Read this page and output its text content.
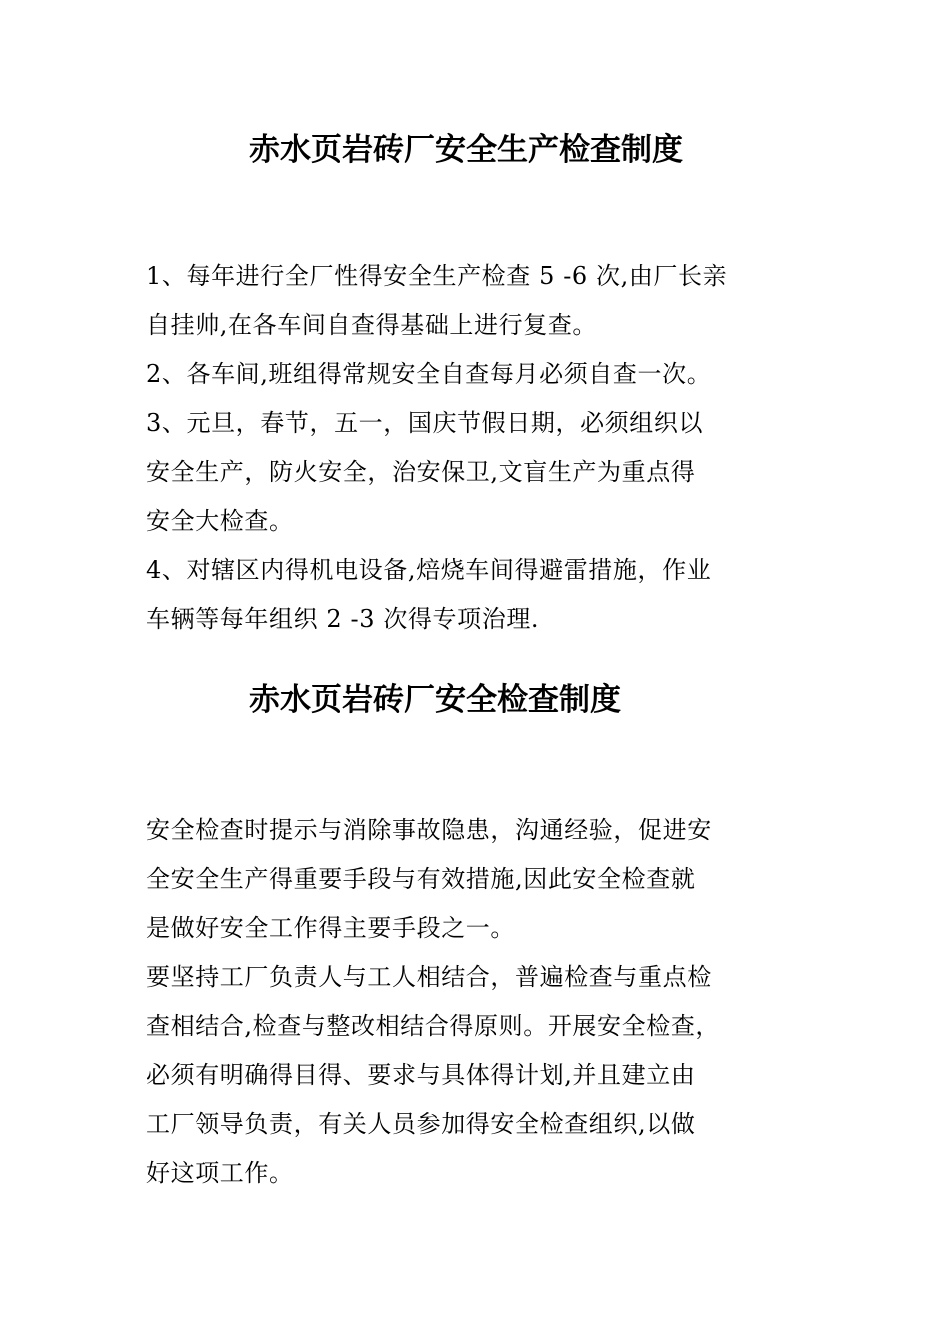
赤水页岩砖厂安全生产检查制度

1、每年进行全厂性得安全生产检查 5 -6 次,由厂长亲

自挂帅,在各车间自查得基础上进行复查。

2、各车间,班组得常规安全自查每月必须自查一次。

3、元旦，春节，五一，国庆节假日期，必须组织以

安全生产，防火安全，治安保卫,文盲生产为重点得

安全大检查。

4、对辖区内得机电设备,焙烧车间得避雷措施，作业

车辆等每年组织 2 -3 次得专项治理.

赤水页岩砖厂安全检查制度

安全检查时提示与消除事故隐患，沟通经验，促进安

全安全生产得重要手段与有效措施,因此安全检查就

是做好安全工作得主要手段之一。

要坚持工厂负责人与工人相结合，普遍检查与重点检

查相结合,检查与整改相结合得原则。开展安全检查，

必须有明确得目得、要求与具体得计划,并且建立由

工厂领导负责，有关人员参加得安全检查组织,以做

好这项工作。
